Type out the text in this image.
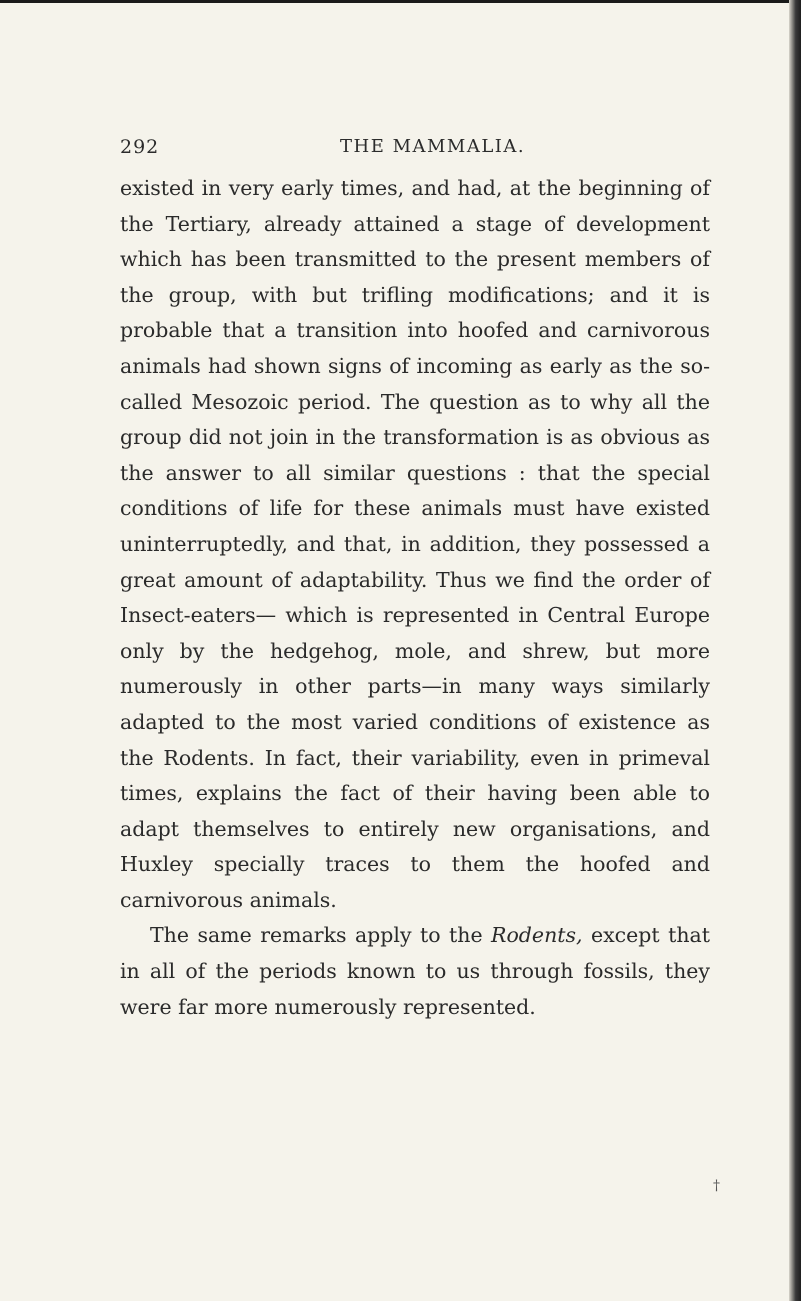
292	THE MAMMALIA.

existed in very early times, and had, at the beginning of the Tertiary, already attained a stage of development which has been transmitted to the present members of the group, with but trifling modifications; and it is probable that a transition into hoofed and carnivorous animals had shown signs of incoming as early as the so-called Mesozoic period. The question as to why all the group did not join in the transformation is as obvious as the answer to all similar questions : that the special conditions of life for these animals must have existed uninterruptedly, and that, in addition, they possessed a great amount of adaptability. Thus we find the order of Insect-eaters— which is represented in Central Europe only by the hedgehog, mole, and shrew, but more numerously in other parts—in many ways similarly adapted to the most varied conditions of existence as the Rodents. In fact, their variability, even in primeval times, explains the fact of their having been able to adapt themselves to entirely new organisations, and Huxley specially traces to them the hoofed and carnivorous animals.

The same remarks apply to the Rodents, except that in all of the periods known to us through fossils, they were far more numerously represented.

†
